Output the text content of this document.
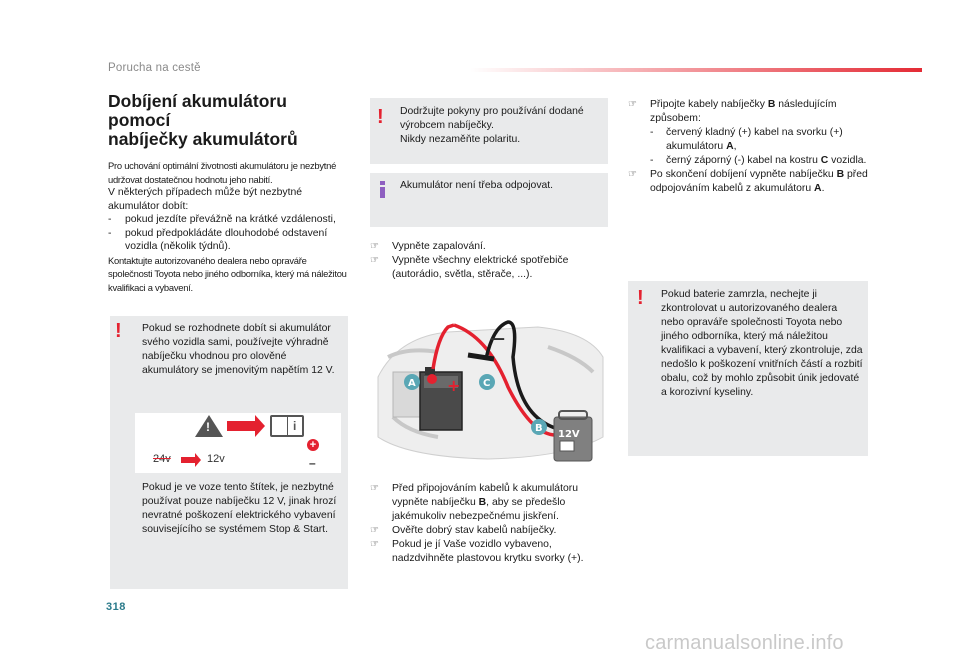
Porucha na cestě
Dobíjení akumulátoru pomocí
nabíječky akumulátorů

Pro uchování optimální životnosti akumulátoru je nezbytné udržovat dostatečnou hodnotu jeho nabití.

V některých případech může být nezbytné akumulátor dobít:

- pokud jezdíte převážně na krátké vzdálenosti,
- pokud předpokládáte dlouhodobé odstavení vozidla (několik týdnů).

Kontaktujte autorizovaného dealera nebo opraváře společnosti Toyota nebo jiného odborníka, který má náležitou kvalifikaci a vybavení.

! Pokud se rozhodnete dobít si akumulátor svého vozidla sami, používejte výhradně nabíječku vhodnou pro olověné akumulátory se jmenovitým napětím 12 V.
Pokud je ve voze tento štítek, je nezbytné používat pouze nabíječku 12 V, jinak hrozí nevratné poškození elektrického vybavení souvisejícího se systémem Stop & Start.
!	i
24v	12v
+
–
! Dodržujte pokyny pro používání dodané výrobcem nabíječky.
Nikdy nezaměňte polaritu.
Akumulátor není třeba odpojovat.
☞ Vypněte zapalování.
☞ Vypněte všechny elektrické spotřebiče (autorádio, světla, stěrače, ...).
+
—
12V
A
B
C
☞ Před připojováním kabelů k akumulátoru vypněte nabíječku B, aby se předešlo jakémukoliv nebezpečnému jiskření.
☞ Ověřte dobrý stav kabelů nabíječky.
☞ Pokud je jí Vaše vozidlo vybaveno, nadzdvihněte plastovou krytku svorky (+).
☞ Připojte kabely nabíječky B následujícím způsobem:
- červený kladný (+) kabel na svorku (+) akumulátoru A,
- černý záporný (-) kabel na kostru C vozidla.
☞ Po skončení dobíjení vypněte nabíječku B před odpojováním kabelů z akumulátoru A.
! Pokud baterie zamrzla, nechejte ji zkontrolovat u autorizovaného dealera nebo opraváře společnosti Toyota nebo jiného odborníka, který má náležitou kvalifikaci a vybavení, který zkontroluje, zda nedošlo k poškození vnitřních částí a rozbití obalu, což by mohlo způsobit únik jedovaté a korozivní kyseliny.
318
carmanualsonline.info
